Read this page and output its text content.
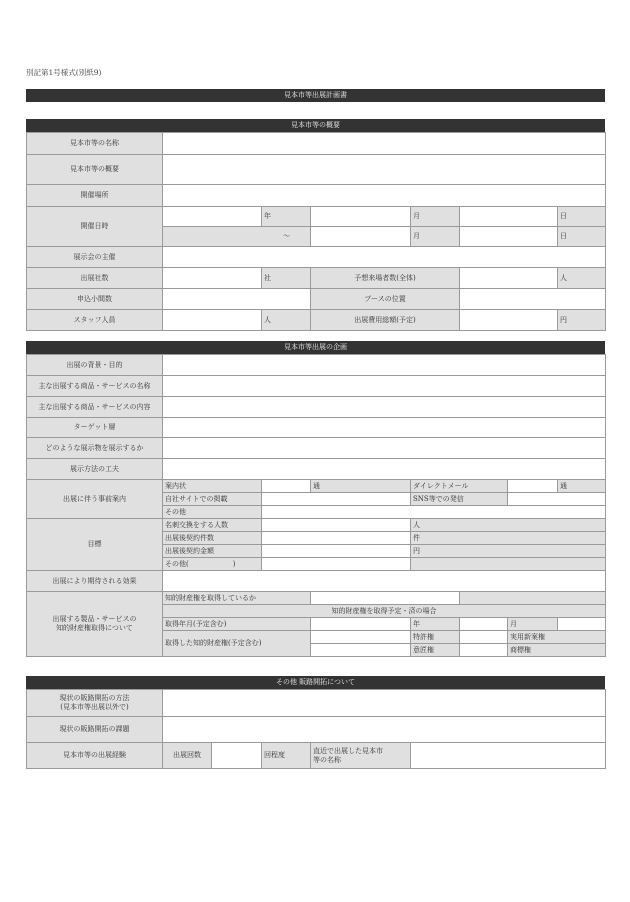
別記第1号様式(別紙9)
見本市等出展計画書
見本市等の概要
見本市等の名称						
見本市等の概要						
開催場所						
開催日時		年		月		日
	〜			月		日
展示会の主催						
出展社数		社	予想来場者数(全体)			人
申込小間数			ブースの位置			
スタッフ人員		人	出展費用総額(予定)			円
見本市等出展の企画
出展の背景・目的							
主な出展する商品・サービスの名称							
主な出展する商品・サービスの内容							
ターゲット層							
どのような展示物を展示するか							
展示方法の工夫							
出展に伴う事前案内	案内状		通	ダイレクトメール			通
	自社サイトでの掲載			SNS等での発信			
	その他						
目標	名刺交換をする人数			人			
	出展後契約件数			件			
	出展後契約金額			円			
	その他( )						
出展により期待される効果							
出展する製品・サービスの
知的財産権取得について	知的財産権を取得しているか						
	知的財産権を取得予定・済の場合						
	取得年月(予定含む)			年		月	
	取得した知的財産権(予定含む)			特許権		実用新案権	
				意匠権		商標権	
その他 販路開拓について
現状の販路開拓の方法
(見本市等出展以外で)					
現状の販路開拓の課題					
見本市等の出展経験	出展回数		回程度	直近で出展した見本市
等の名称	
